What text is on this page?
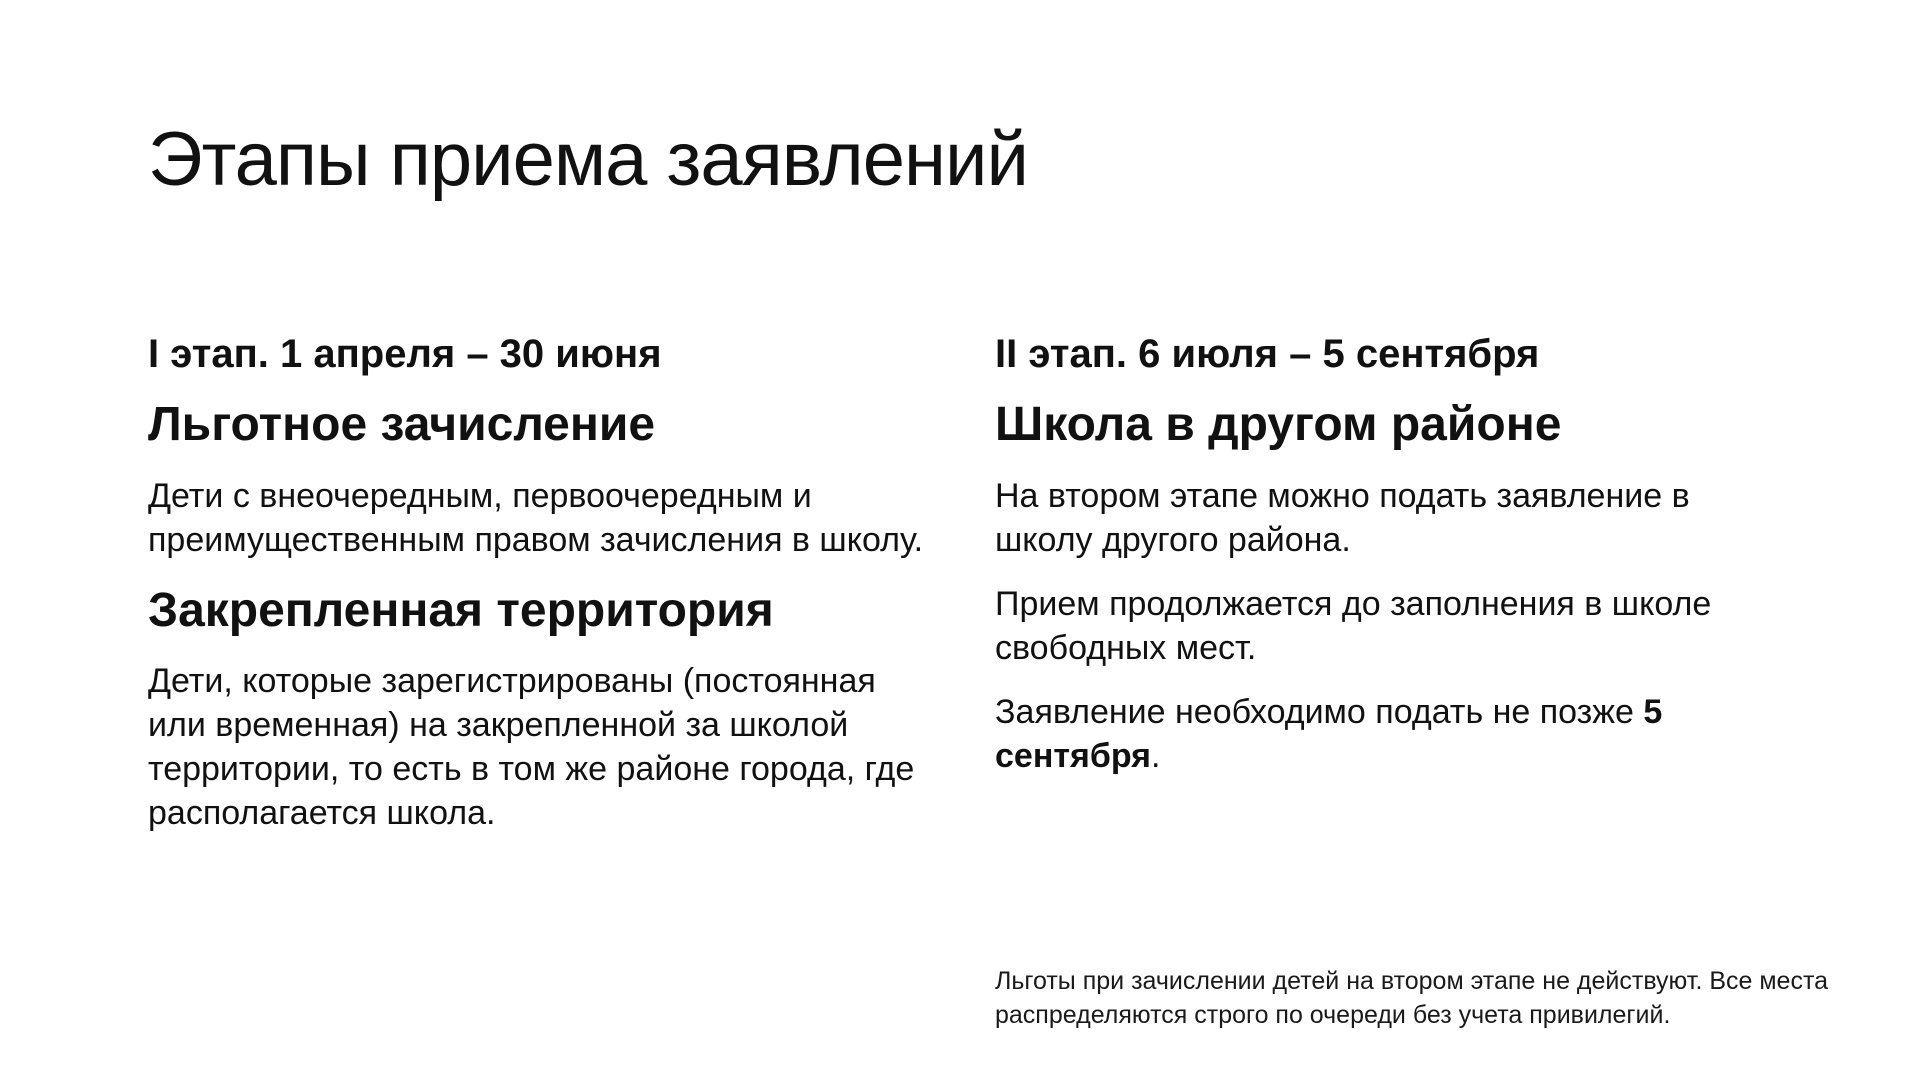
Этапы приема заявлений
I этап. 1 апреля – 30 июня
Льготное зачисление

Дети с внеочередным, первоочередным и преимущественным правом зачисления в школу.

Закрепленная территория

Дети, которые зарегистрированы (постоянная или временная) на закрепленной за школой территории, то есть в том же районе города, где располагается школа.

II этап. 6 июля – 5 сентября
Школа в другом районе

На втором этапе можно подать заявление в школу другого района.

Прием продолжается до заполнения в школе свободных мест.

Заявление необходимо подать не позже 5 сентября.

Льготы при зачислении детей на втором этапе не действуют. Все места распределяются строго по очереди без учета привилегий.
